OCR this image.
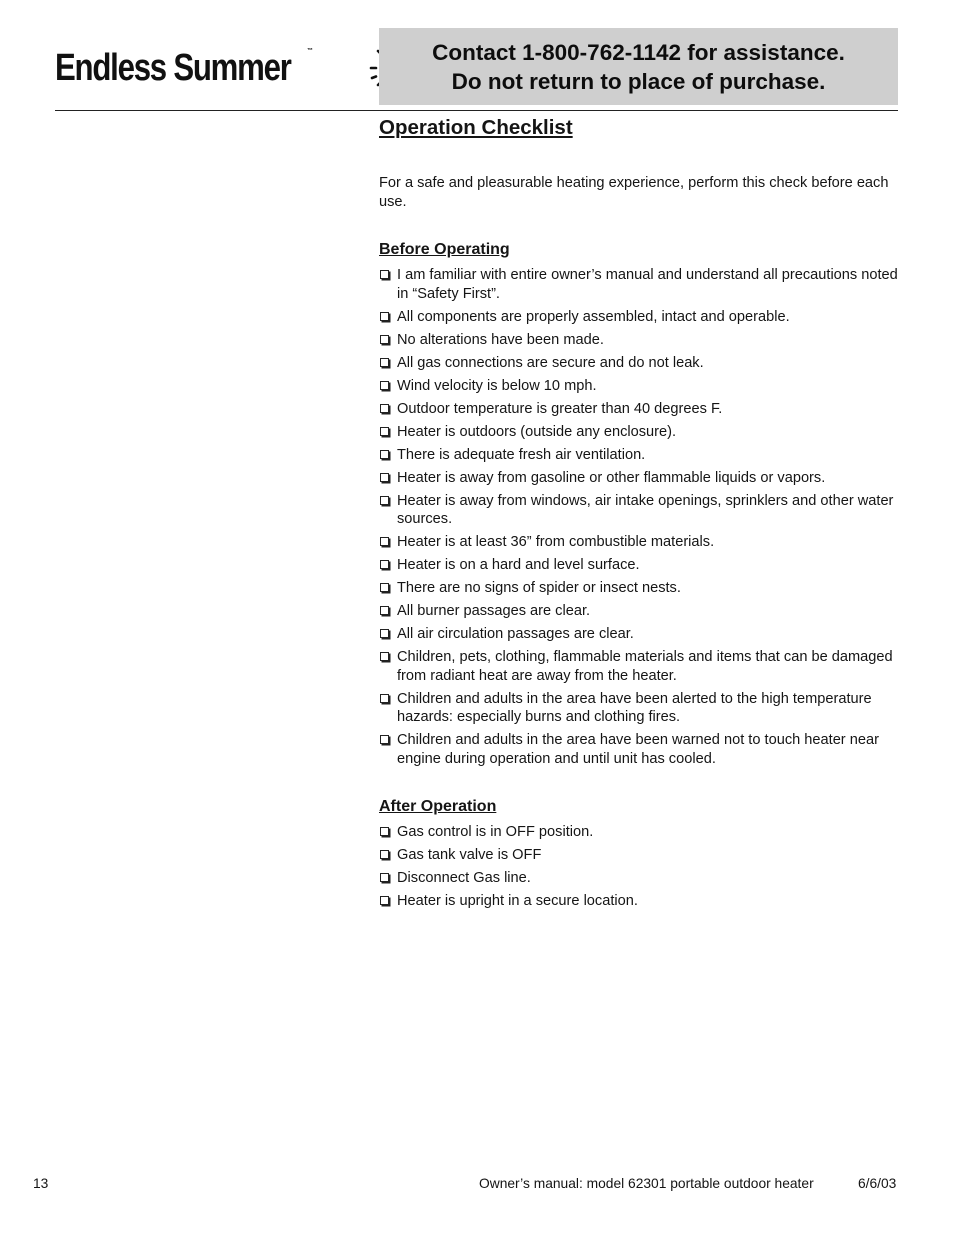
Endless Summer	™	Contact 1-800-762-1142 for assistance.
Do not return to place of purchase.
Operation Checklist
For a safe and pleasurable heating experience, perform this check before each use.
Before Operating
I am familiar with entire owner’s manual and understand all precautions noted in “Safety First”.
All components are properly assembled, intact and operable.
No alterations have been made.
All gas connections are secure and do not leak.
Wind velocity is below 10 mph.
Outdoor temperature is greater than 40 degrees F.
Heater is outdoors (outside any enclosure).
There is adequate fresh air ventilation.
Heater is away from gasoline or other flammable liquids or vapors.
Heater is away from windows, air intake openings, sprinklers and other water sources.
Heater is at least 36” from combustible materials.
Heater is on a hard and level surface.
There are no signs of spider or insect nests.
All burner passages are clear.
All air circulation passages are clear.
Children, pets, clothing, flammable materials and items that can be damaged from radiant heat are away from the heater.
Children and adults in the area have been alerted to the high temperature hazards: especially burns and clothing fires.
Children and adults in the area have been warned not to touch heater near engine during operation and until unit has cooled.
After Operation
Gas control is in OFF position.
Gas tank valve is OFF
Disconnect Gas line.
Heater is upright in a secure location.
13	Owner’s manual: model 62301 portable outdoor heater	6/6/03
